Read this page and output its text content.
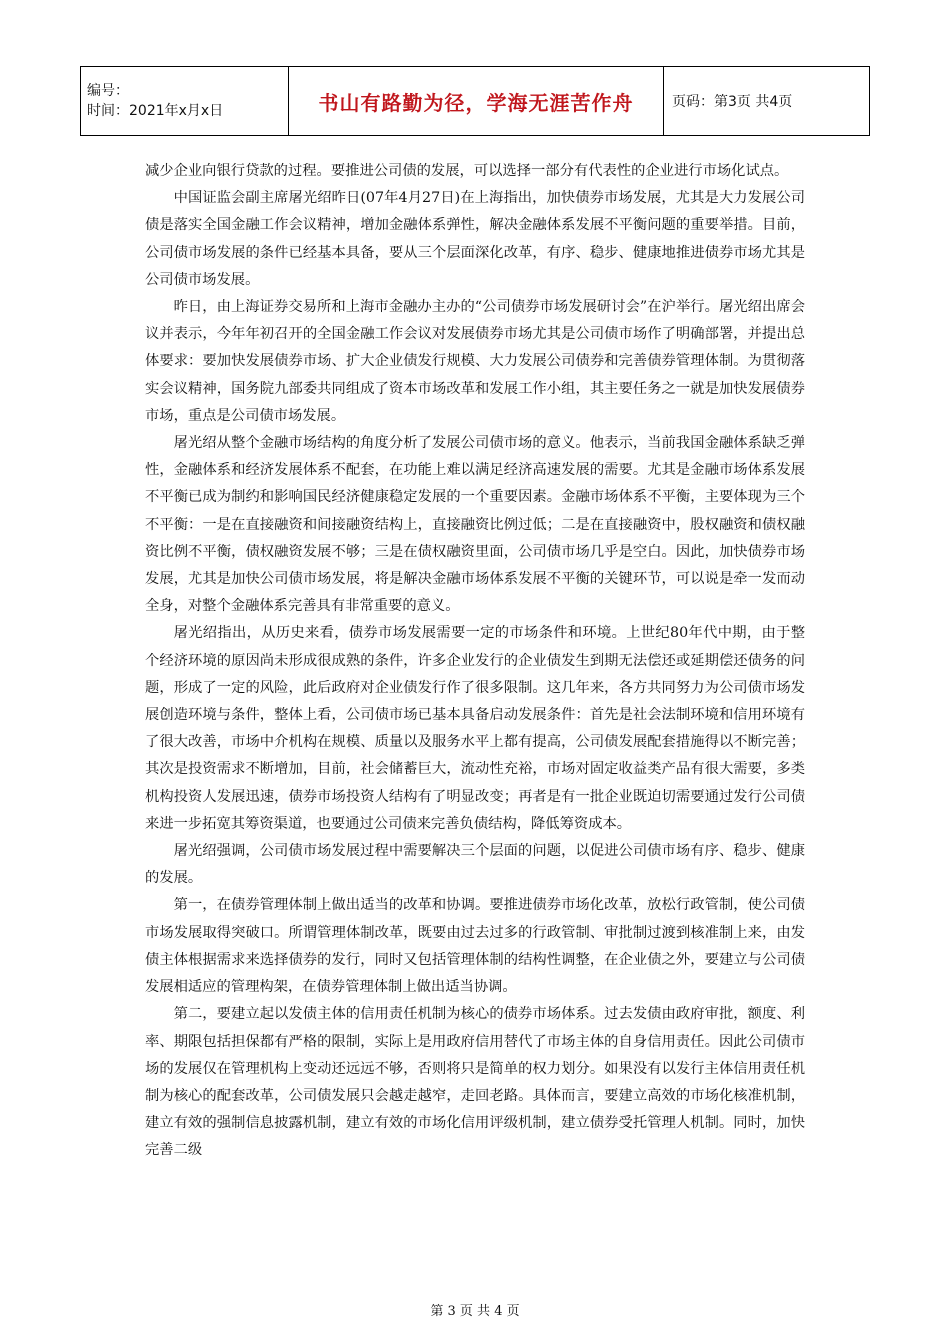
编号：
时间：2021年x月x日	书山有路勤为径，学海无涯苦作舟	页码：第3页 共4页

减少企业向银行贷款的过程。要推进公司债的发展，可以选择一部分有代表性的企业进行市场化试点。

中国证监会副主席屠光绍昨日(07年4月27日)在上海指出，加快债券市场发展，尤其是大力发展公司债是落实全国金融工作会议精神，增加金融体系弹性，解决金融体系发展不平衡问题的重要举措。目前，公司债市场发展的条件已经基本具备，要从三个层面深化改革，有序、稳步、健康地推进债券市场尤其是公司债市场发展。

昨日，由上海证券交易所和上海市金融办主办的“公司债券市场发展研讨会”在沪举行。屠光绍出席会议并表示，今年年初召开的全国金融工作会议对发展债券市场尤其是公司债市场作了明确部署，并提出总体要求：要加快发展债券市场、扩大企业债发行规模、大力发展公司债券和完善债券管理体制。为贯彻落实会议精神，国务院九部委共同组成了资本市场改革和发展工作小组，其主要任务之一就是加快发展债券市场，重点是公司债市场发展。

屠光绍从整个金融市场结构的角度分析了发展公司债市场的意义。他表示，当前我国金融体系缺乏弹性，金融体系和经济发展体系不配套，在功能上难以满足经济高速发展的需要。尤其是金融市场体系发展不平衡已成为制约和影响国民经济健康稳定发展的一个重要因素。金融市场体系不平衡，主要体现为三个不平衡：一是在直接融资和间接融资结构上，直接融资比例过低；二是在直接融资中，股权融资和债权融资比例不平衡，债权融资发展不够；三是在债权融资里面，公司债市场几乎是空白。因此，加快债券市场发展，尤其是加快公司债市场发展，将是解决金融市场体系发展不平衡的关键环节，可以说是牵一发而动全身，对整个金融体系完善具有非常重要的意义。

屠光绍指出，从历史来看，债券市场发展需要一定的市场条件和环境。上世纪80年代中期，由于整个经济环境的原因尚未形成很成熟的条件，许多企业发行的企业债发生到期无法偿还或延期偿还债务的问题，形成了一定的风险，此后政府对企业债发行作了很多限制。这几年来，各方共同努力为公司债市场发展创造环境与条件，整体上看，公司债市场已基本具备启动发展条件：首先是社会法制环境和信用环境有了很大改善，市场中介机构在规模、质量以及服务水平上都有提高，公司债发展配套措施得以不断完善；其次是投资需求不断增加，目前，社会储蓄巨大，流动性充裕，市场对固定收益类产品有很大需要，多类机构投资人发展迅速，债券市场投资人结构有了明显改变；再者是有一批企业既迫切需要通过发行公司债来进一步拓宽其筹资渠道，也要通过公司债来完善负债结构，降低筹资成本。

屠光绍强调，公司债市场发展过程中需要解决三个层面的问题，以促进公司债市场有序、稳步、健康的发展。

第一，在债券管理体制上做出适当的改革和协调。要推进债券市场化改革，放松行政管制，使公司债市场发展取得突破口。所谓管理体制改革，既要由过去过多的行政管制、审批制过渡到核准制上来，由发债主体根据需求来选择债券的发行，同时又包括管理体制的结构性调整，在企业债之外，要建立与公司债发展相适应的管理构架，在债券管理体制上做出适当协调。

第二，要建立起以发债主体的信用责任机制为核心的债券市场体系。过去发债由政府审批，额度、利率、期限包括担保都有严格的限制，实际上是用政府信用替代了市场主体的自身信用责任。因此公司债市场的发展仅在管理机构上变动还远远不够，否则将只是简单的权力划分。如果没有以发行主体信用责任机制为核心的配套改革，公司债发展只会越走越窄，走回老路。具体而言，要建立高效的市场化核准机制，建立有效的强制信息披露机制，建立有效的市场化信用评级机制，建立债券受托管理人机制。同时，加快完善二级

第 3 页 共 4 页
